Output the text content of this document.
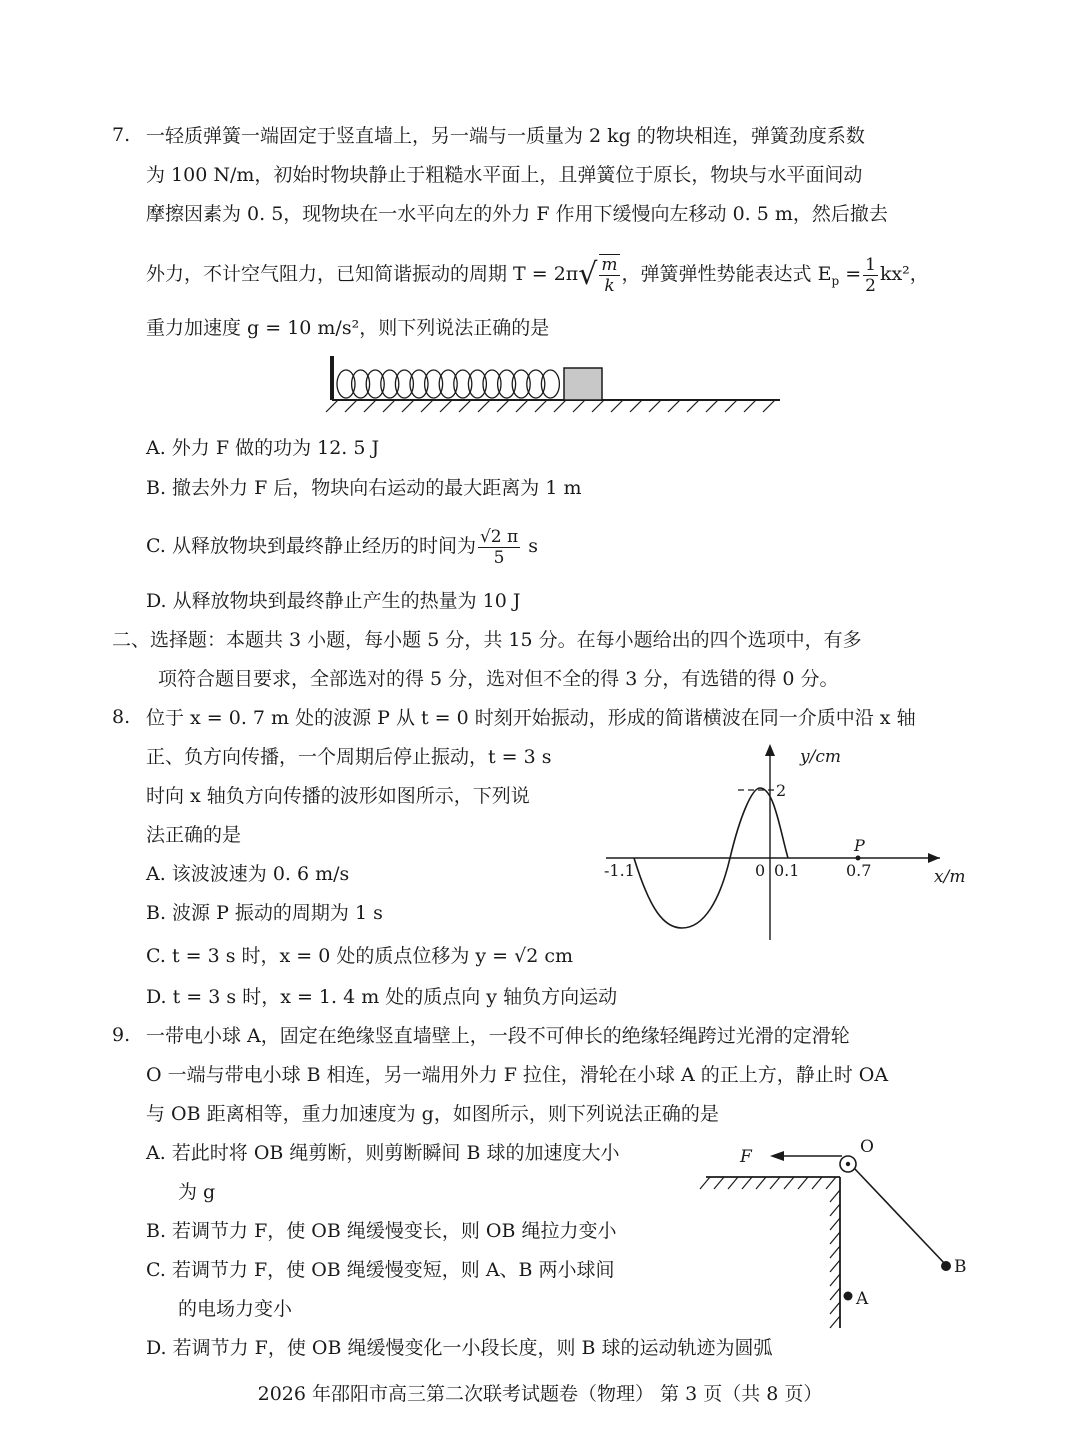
7. 一轻质弹簧一端固定于竖直墙上，另一端与一质量为 2 kg 的物块相连，弹簧劲度系数
为 100 N/m，初始时物块静止于粗糙水平面上，且弹簧位于原长，物块与水平面间动
摩擦因素为 0. 5，现物块在一水平向左的外力 F 作用下缓慢向左移动 0. 5 m，然后撤去
外力，不计空气阻力，已知简谐振动的周期 $T = 2\pi√ \frac{m}{k}$ ，弹簧弹性势能表达式 $E_p = \frac{1}{2} kx^2$，
重力加速度 g = 10 m/s²，则下列说法正确的是
A. 外力 F 做的功为 12. 5 J
B. 撤去外力 F 后，物块向右运动的最大距离为 1 m
C. 从释放物块到最终静止经历的时间为 $\frac{√2 \pi}{5}$ s
D. 从释放物块到最终静止产生的热量为 10 J
二、选择题：本题共 3 小题，每小题 5 分，共 15 分。在每小题给出的四个选项中，有多
项符合题目要求，全部选对的得 5 分，选对但不全的得 3 分，有选错的得 0 分。
8. 位于 x = 0. 7 m 处的波源 P 从 t = 0 时刻开始振动，形成的简谐横波在同一介质中沿 x 轴
正、负方向传播，一个周期后停止振动，t = 3 s
时向 x 轴负方向传播的波形如图所示，下列说
法正确的是
A. 该波波速为 0. 6 m/s
B. 波源 P 振动的周期为 1 s
C. t = 3 s 时，x = 0 处的质点位移为 y = √2 cm
D. t = 3 s 时，x = 1. 4 m 处的质点向 y 轴负方向运动
y/cm
x/m
2
0 0.1	0.7
-1.1
P
9. 一带电小球 A，固定在绝缘竖直墙壁上，一段不可伸长的绝缘轻绳跨过光滑的定滑轮
O 一端与带电小球 B 相连，另一端用外力 F 拉住，滑轮在小球 A 的正上方，静止时 OA
与 OB 距离相等，重力加速度为 g，如图所示，则下列说法正确的是
A. 若此时将 OB 绳剪断，则剪断瞬间 B 球的加速度大小
为 g
B. 若调节力 F，使 OB 绳缓慢变长，则 OB 绳拉力变小
C. 若调节力 F，使 OB 绳缓慢变短，则 A、B 两小球间
的电场力变小
D. 若调节力 F，使 OB 绳缓慢变化一小段长度，则 B 球的运动轨迹为圆弧
F	O
A
B
2026 年邵阳市高三第二次联考试题卷（物理） 第 3 页（共 8 页）
